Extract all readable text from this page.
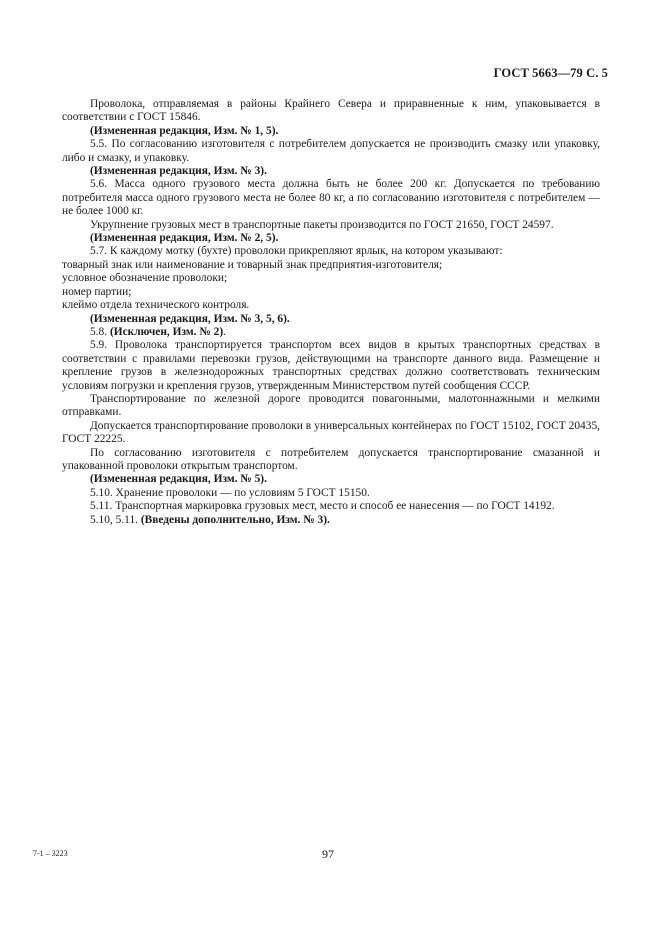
ГОСТ 5663—79 С. 5

Проволока, отправляемая в районы Крайнего Севера и приравненные к ним, упаковывается в соответствии с ГОСТ 15846.

(Измененная редакция, Изм. № 1, 5).

5.5. По согласованию изготовителя с потребителем допускается не производить смазку или упаковку, либо и смазку, и упаковку.

(Измененная редакция, Изм. № 3).

5.6. Масса одного грузового места должна быть не более 200 кг. Допускается по требованию потребителя масса одного грузового места не более 80 кг, а по согласованию изготовителя с потребителем — не более 1000 кг.

Укрупнение грузовых мест в транспортные пакеты производится по ГОСТ 21650, ГОСТ 24597.

(Измененная редакция, Изм. № 2, 5).

5.7. К каждому мотку (бухте) проволоки прикрепляют ярлык, на котором указывают:

товарный знак или наименование и товарный знак предприятия-изготовителя;

условное обозначение проволоки;

номер партии;

клеймо отдела технического контроля.

(Измененная редакция, Изм. № 3, 5, 6).

5.8. (Исключен, Изм. № 2).

5.9. Проволока транспортируется транспортом всех видов в крытых транспортных средствах в соответствии с правилами перевозки грузов, действующими на транспорте данного вида. Размещение и крепление грузов в железнодорожных транспортных средствах должно соответствовать техническим условиям погрузки и крепления грузов, утвержденным Министерством путей сообщения СССР.

Транспортирование по железной дороге проводится повагонными, малотоннажными и мелкими отправками.

Допускается транспортирование проволоки в универсальных контейнерах по ГОСТ 15102, ГОСТ 20435, ГОСТ 22225.

По согласованию изготовителя с потребителем допускается транспортирование смазанной и упакованной проволоки открытым транспортом.

(Измененная редакция, Изм. № 5).

5.10. Хранение проволоки — по условиям 5 ГОСТ 15150.

5.11. Транспортная маркировка грузовых мест, место и способ ее нанесения — по ГОСТ 14192.

5.10, 5.11. (Введены дополнительно, Изм. № 3).

7-1 – 3223	97
